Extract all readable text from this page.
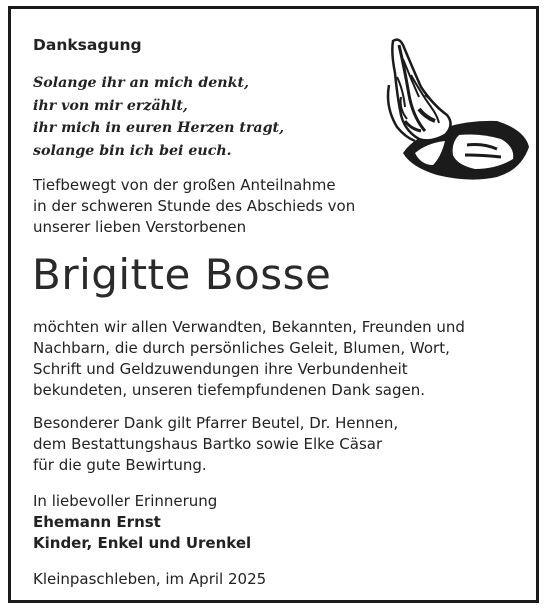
Danksagung
Solange ihr an mich denkt,
ihr von mir erzählt,
ihr mich in euren Herzen tragt,
solange bin ich bei euch.
Tiefbewegt von der großen Anteilnahme
in der schweren Stunde des Abschieds von
unserer lieben Verstorbenen
Brigitte Bosse
möchten wir allen Verwandten, Bekannten, Freunden und
Nachbarn, die durch persönliches Geleit, Blumen, Wort,
Schrift und Geldzuwendungen ihre Verbundenheit
bekundeten, unseren tiefempfundenen Dank sagen.
Besonderer Dank gilt Pfarrer Beutel, Dr. Hennen,
dem Bestattungshaus Bartko sowie Elke Cäsar
für die gute Bewirtung.
In liebevoller Erinnerung
Ehemann Ernst
Kinder, Enkel und Urenkel
Kleinpaschleben, im April 2025
